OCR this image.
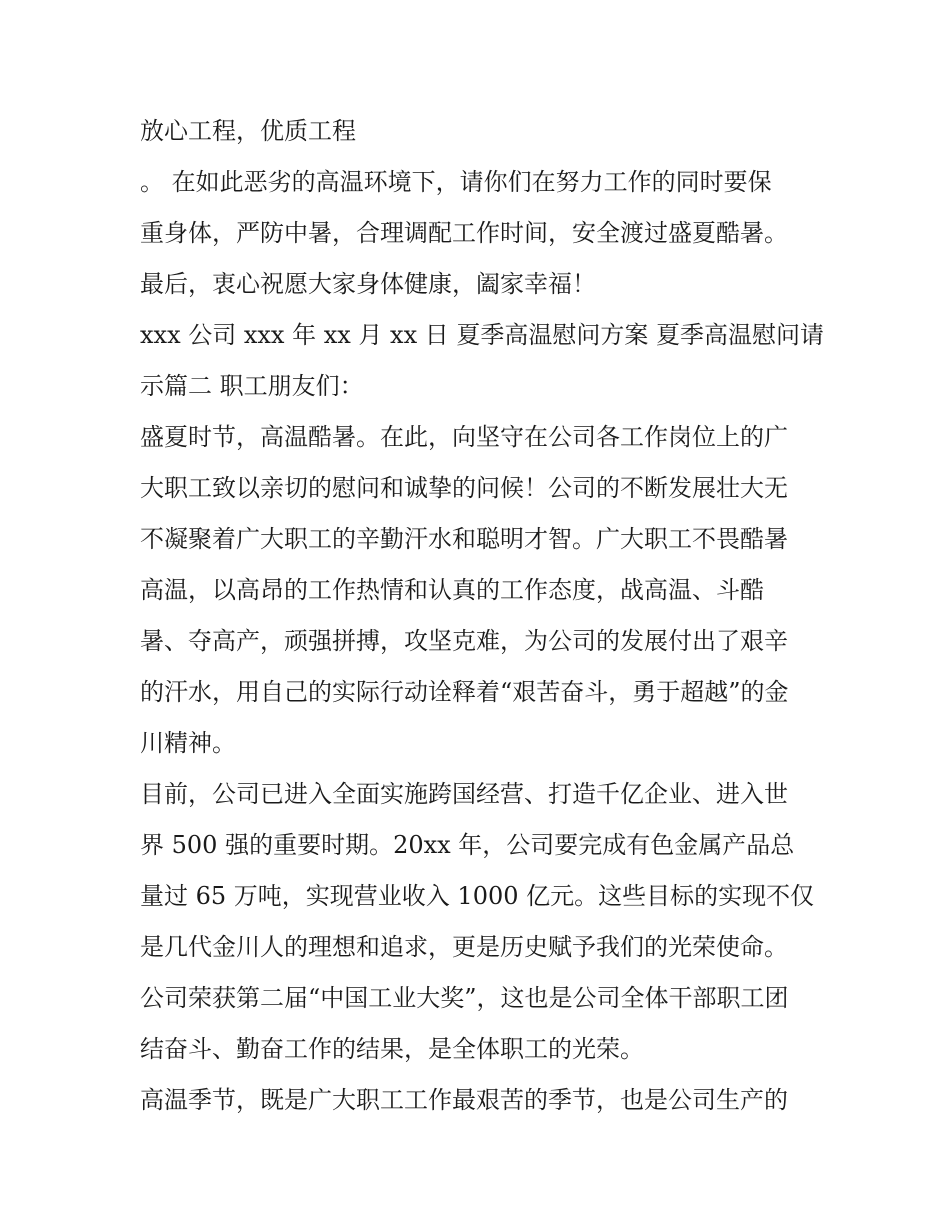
放心工程，优质工程
。 在如此恶劣的高温环境下，请你们在努力工作的同时要保
重身体，严防中暑，合理调配工作时间，安全渡过盛夏酷暑。
最后，衷心祝愿大家身体健康，阖家幸福！
xxx 公司 xxx 年 xx 月 xx 日 夏季高温慰问方案 夏季高温慰问请
示篇二 职工朋友们：
盛夏时节，高温酷暑。在此，向坚守在公司各工作岗位上的广
大职工致以亲切的慰问和诚挚的问候！公司的不断发展壮大无
不凝聚着广大职工的辛勤汗水和聪明才智。广大职工不畏酷暑
高温，以高昂的工作热情和认真的工作态度，战高温、斗酷
暑、夺高产，顽强拼搏，攻坚克难，为公司的发展付出了艰辛
的汗水，用自己的实际行动诠释着“艰苦奋斗，勇于超越”的金
川精神。
目前，公司已进入全面实施跨国经营、打造千亿企业、进入世
界 500 强的重要时期。20xx 年，公司要完成有色金属产品总
量过 65 万吨，实现营业收入 1000 亿元。这些目标的实现不仅
是几代金川人的理想和追求，更是历史赋予我们的光荣使命。
公司荣获第二届“中国工业大奖”，这也是公司全体干部职工团
结奋斗、勤奋工作的结果，是全体职工的光荣。
高温季节，既是广大职工工作最艰苦的季节，也是公司生产的
